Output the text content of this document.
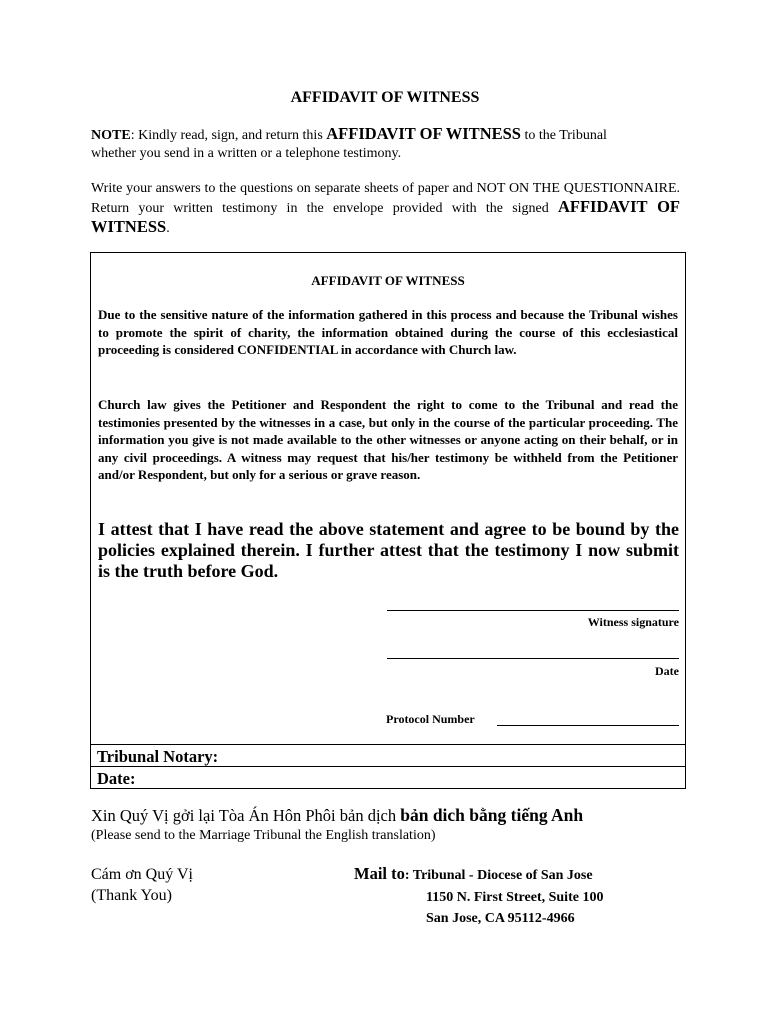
AFFIDAVIT OF WITNESS
NOTE: Kindly read, sign, and return this AFFIDAVIT OF WITNESS to the Tribunal
whether you send in a written or a telephone testimony.
Write your answers to the questions on separate sheets of paper and NOT ON THE QUESTIONNAIRE. Return your written testimony in the envelope provided with the signed AFFIDAVIT OF WITNESS.
AFFIDAVIT OF WITNESS
Due to the sensitive nature of the information gathered in this process and because the Tribunal wishes to promote the spirit of charity, the information obtained during the course of this ecclesiastical proceeding is considered CONFIDENTIAL in accordance with Church law.
Church law gives the Petitioner and Respondent the right to come to the Tribunal and read the testimonies presented by the witnesses in a case, but only in the course of the particular proceeding. The information you give is not made available to the other witnesses or anyone acting on their behalf, or in any civil proceedings. A witness may request that his/her testimony be withheld from the Petitioner and/or Respondent, but only for a serious or grave reason.
I attest that I have read the above statement and agree to be bound by the policies explained therein. I further attest that the testimony I now submit is the truth before God.
Witness signature
Date
Protocol Number
Tribunal Notary:
Date:
Xin Quý Vị gởi lại Tòa Án Hôn Phôi bản dịch bản dich bằng tiếng Anh
(Please send to the Marriage Tribunal the English translation)
Cám ơn Quý Vị
(Thank You)
Mail to: Tribunal - Diocese of San Jose
1150 N. First Street, Suite 100
San Jose, CA 95112-4966
